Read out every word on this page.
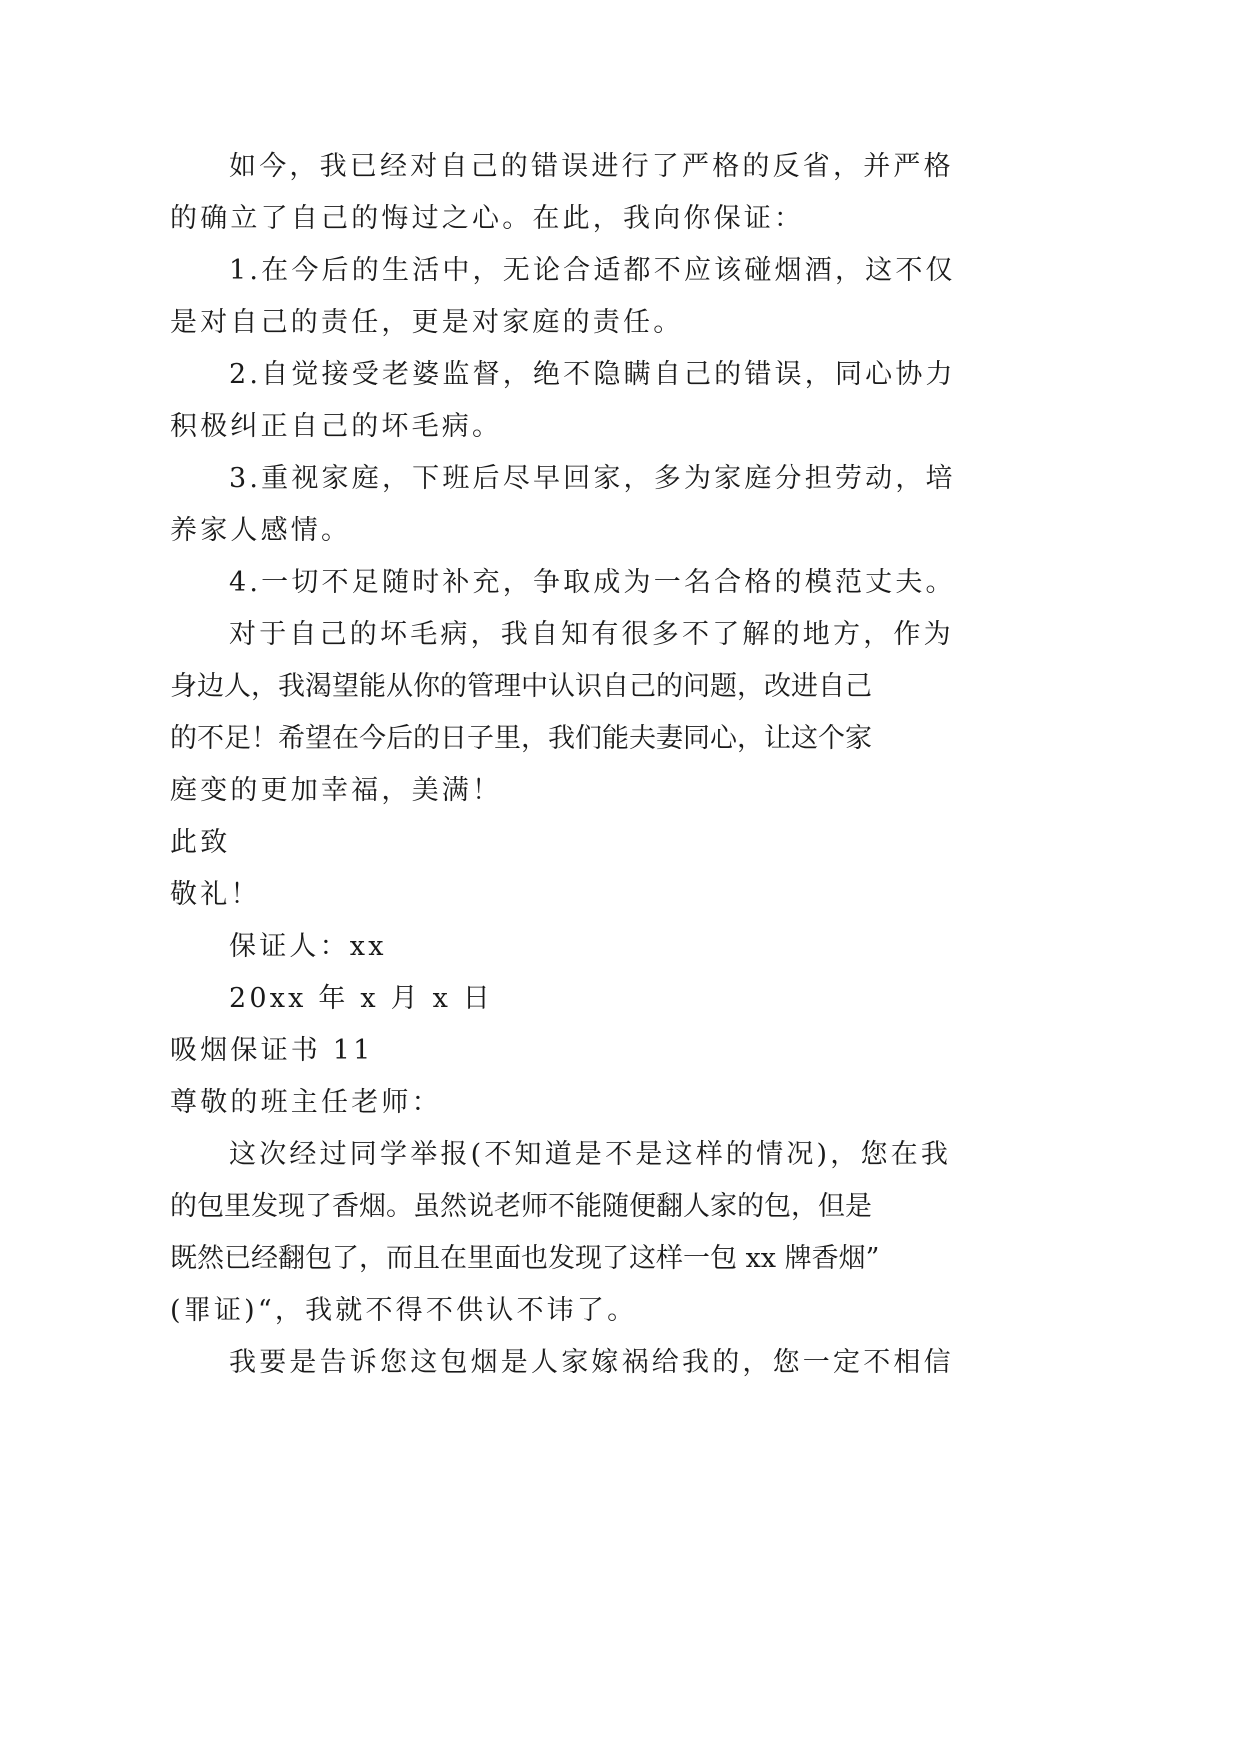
如今，我已经对自己的错误进行了严格的反省，并严格
的确立了自己的悔过之心。在此，我向你保证：
1.在今后的生活中，无论合适都不应该碰烟酒，这不仅
是对自己的责任，更是对家庭的责任。
2.自觉接受老婆监督，绝不隐瞒自己的错误，同心协力
积极纠正自己的坏毛病。
3.重视家庭，下班后尽早回家，多为家庭分担劳动，培
养家人感情。
4.一切不足随时补充，争取成为一名合格的模范丈夫。
对于自己的坏毛病，我自知有很多不了解的地方，作为
身边人，我渴望能从你的管理中认识自己的问题，改进自己
的不足！希望在今后的日子里，我们能夫妻同心，让这个家
庭变的更加幸福，美满！
此致
敬礼！
保证人：xx
20xx 年 x 月 x 日
吸烟保证书 11
尊敬的班主任老师：
这次经过同学举报(不知道是不是这样的情况)，您在我
的包里发现了香烟。虽然说老师不能随便翻人家的包，但是
既然已经翻包了，而且在里面也发现了这样一包 xx 牌香烟”
(罪证)“，我就不得不供认不讳了。
我要是告诉您这包烟是人家嫁祸给我的，您一定不相信
